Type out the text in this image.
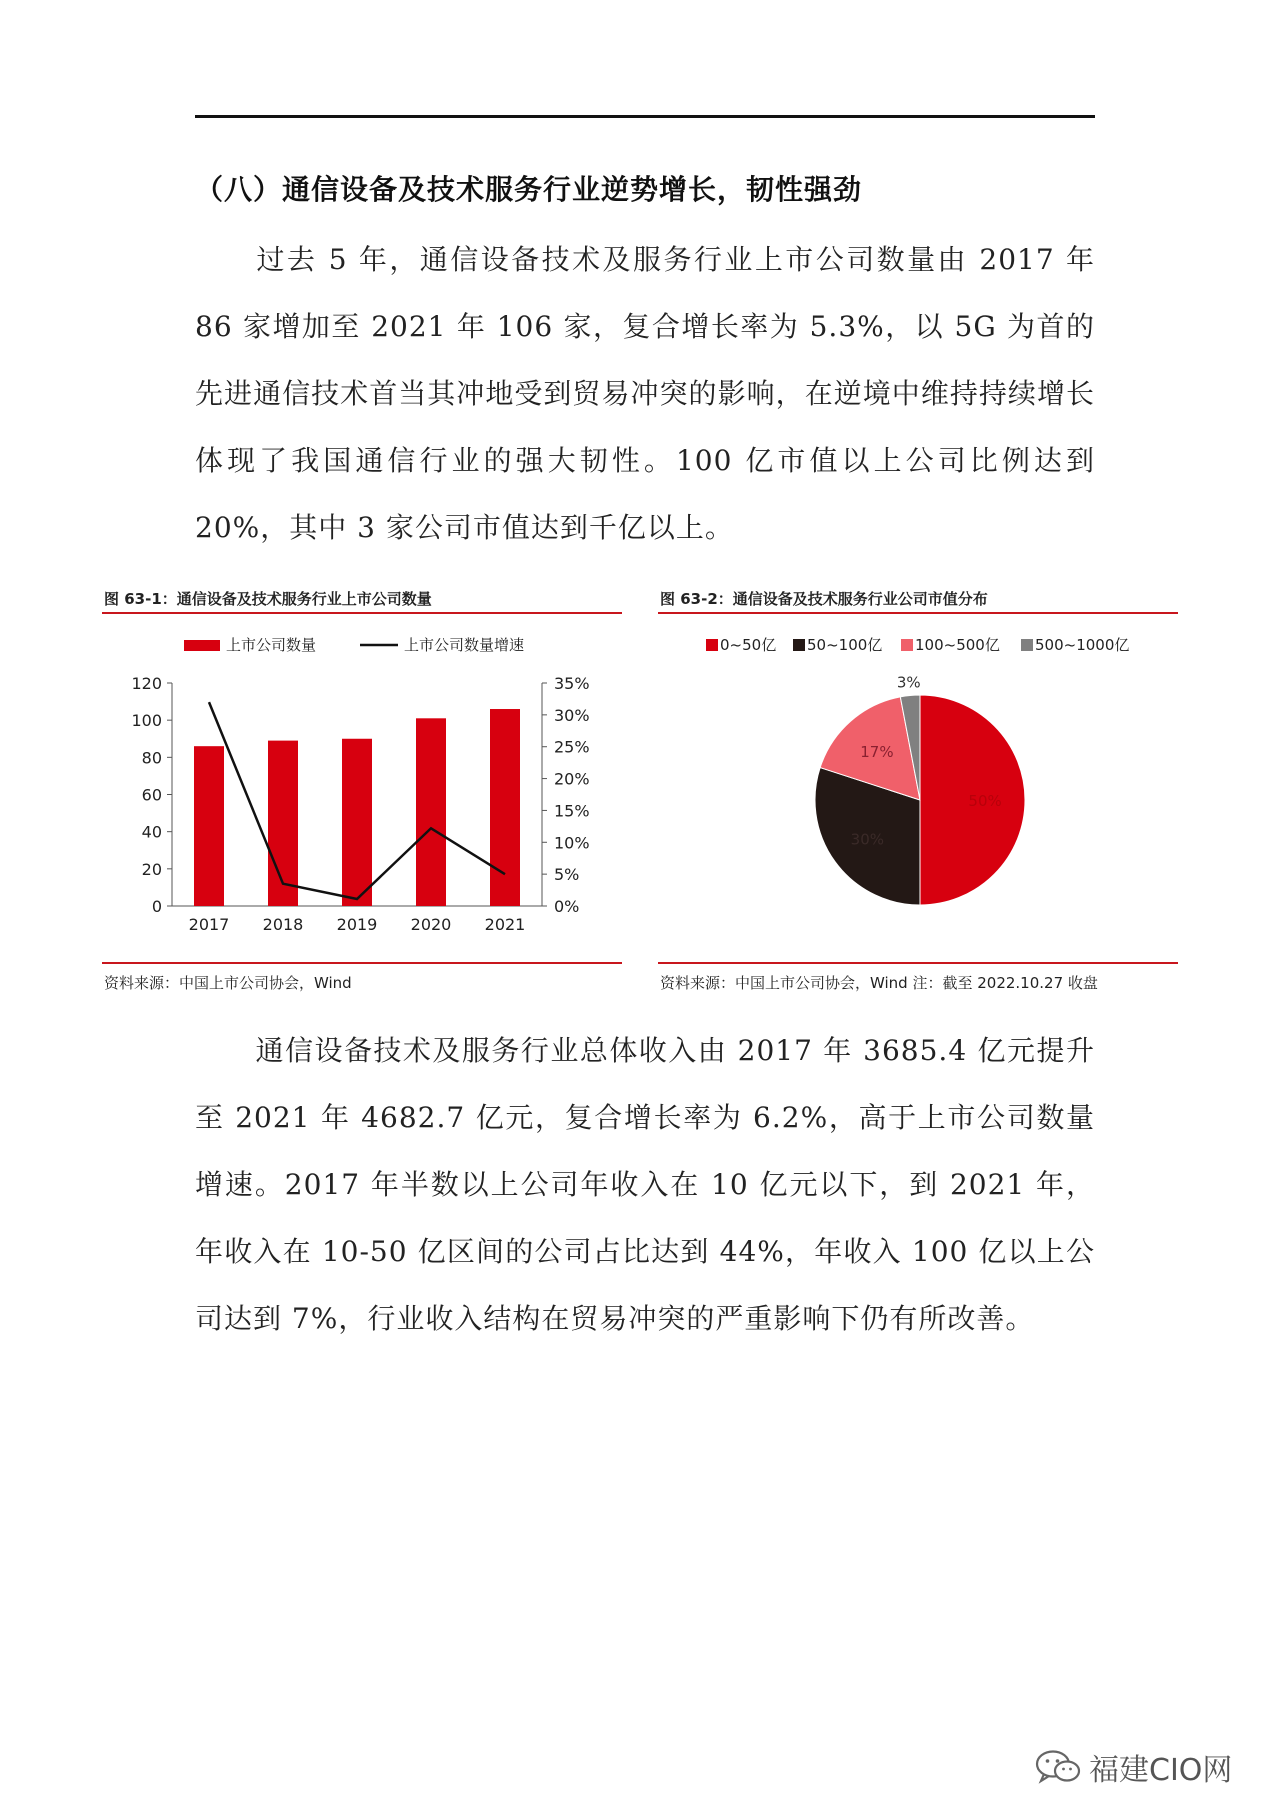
（八）通信设备及技术服务行业逆势增长，韧性强劲
过去 5 年，通信设备技术及服务行业上市公司数量由 2017 年 86 家增加至 2021 年 106 家，复合增长率为 5.3%，以 5G 为首的先进通信技术首当其冲地受到贸易冲突的影响，在逆境中维持持续增长体现了我国通信行业的强大韧性。100 亿市值以上公司比例达到 20%，其中 3 家公司市值达到千亿以上。
图 63-1：通信设备及技术服务行业上市公司数量
上市公司数量	上市公司数量增速
0
20
40
60
80
100
120
0%
5%
10%
15%
20%
25%
30%
35%
2017 2018 2019 2020 2021
资料来源：中国上市公司协会，Wind
图 63-2：通信设备及技术服务行业公司市值分布
0~50亿 50~100亿 100~500亿 500~1000亿
50%
30%
17%
3%
资料来源：中国上市公司协会，Wind 注：截至 2022.10.27 收盘
通信设备技术及服务行业总体收入由 2017 年 3685.4 亿元提升至 2021 年 4682.7 亿元，复合增长率为 6.2%，高于上市公司数量增速。2017 年半数以上公司年收入在 10 亿元以下，到 2021 年，年收入在 10-50 亿区间的公司占比达到 44%，年收入 100 亿以上公司达到 7%，行业收入结构在贸易冲突的严重影响下仍有所改善。
福建CIO网
